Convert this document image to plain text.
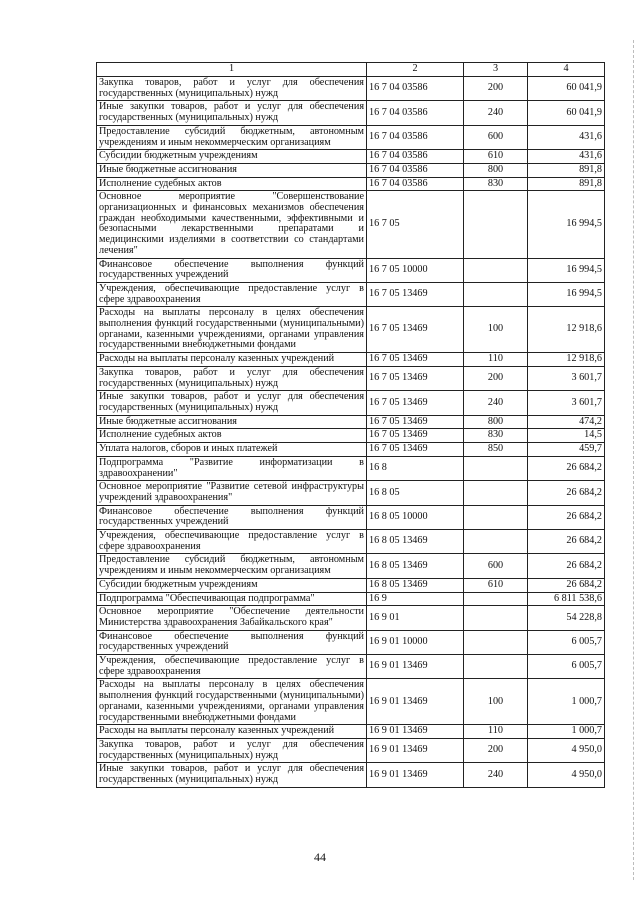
1	2	3	4
Закупка товаров, работ и услуг для обеспечения государственных (муниципальных) нужд	16 7 04 03586	200	60 041,9
Иные закупки товаров, работ и услуг для обеспечения государственных (муниципальных) нужд	16 7 04 03586	240	60 041,9
Предоставление субсидий бюджетным, автономным учреждениям и иным некоммерческим организациям	16 7 04 03586	600	431,6
Субсидии бюджетным учреждениям	16 7 04 03586	610	431,6
Иные бюджетные ассигнования	16 7 04 03586	800	891,8
Исполнение судебных актов	16 7 04 03586	830	891,8
Основное мероприятие "Совершенствование организационных и финансовых механизмов обеспечения граждан необходимыми качественными, эффективными и безопасными лекарственными препаратами и медицинскими изделиями в соответствии со стандартами лечения"	16 7 05		16 994,5
Финансовое обеспечение выполнения функций государственных учреждений	16 7 05 10000		16 994,5
Учреждения, обеспечивающие предоставление услуг в сфере здравоохранения	16 7 05 13469		16 994,5
Расходы на выплаты персоналу в целях обеспечения выполнения функций государственными (муниципальными) органами, казенными учреждениями, органами управления государственными внебюджетными фондами	16 7 05 13469	100	12 918,6
Расходы на выплаты персоналу казенных учреждений	16 7 05 13469	110	12 918,6
Закупка товаров, работ и услуг для обеспечения государственных (муниципальных) нужд	16 7 05 13469	200	3 601,7
Иные закупки товаров, работ и услуг для обеспечения государственных (муниципальных) нужд	16 7 05 13469	240	3 601,7
Иные бюджетные ассигнования	16 7 05 13469	800	474,2
Исполнение судебных актов	16 7 05 13469	830	14,5
Уплата налогов, сборов и иных платежей	16 7 05 13469	850	459,7
Подпрограмма "Развитие информатизации в здравоохранении"	16 8		26 684,2
Основное мероприятие "Развитие сетевой инфраструктуры учреждений здравоохранения"	16 8 05		26 684,2
Финансовое обеспечение выполнения функций государственных учреждений	16 8 05 10000		26 684,2
Учреждения, обеспечивающие предоставление услуг в сфере здравоохранения	16 8 05 13469		26 684,2
Предоставление субсидий бюджетным, автономным учреждениям и иным некоммерческим организациям	16 8 05 13469	600	26 684,2
Субсидии бюджетным учреждениям	16 8 05 13469	610	26 684,2
Подпрограмма "Обеспечивающая подпрограмма"	16 9		6 811 538,6
Основное мероприятие "Обеспечение деятельности Министерства здравоохранения Забайкальского края"	16 9 01		54 228,8
Финансовое обеспечение выполнения функций государственных учреждений	16 9 01 10000		6 005,7
Учреждения, обеспечивающие предоставление услуг в сфере здравоохранения	16 9 01 13469		6 005,7
Расходы на выплаты персоналу в целях обеспечения выполнения функций государственными (муниципальными) органами, казенными учреждениями, органами управления государственными внебюджетными фондами	16 9 01 13469	100	1 000,7
Расходы на выплаты персоналу казенных учреждений	16 9 01 13469	110	1 000,7
Закупка товаров, работ и услуг для обеспечения государственных (муниципальных) нужд	16 9 01 13469	200	4 950,0
Иные закупки товаров, работ и услуг для обеспечения государственных (муниципальных) нужд	16 9 01 13469	240	4 950,0
44
